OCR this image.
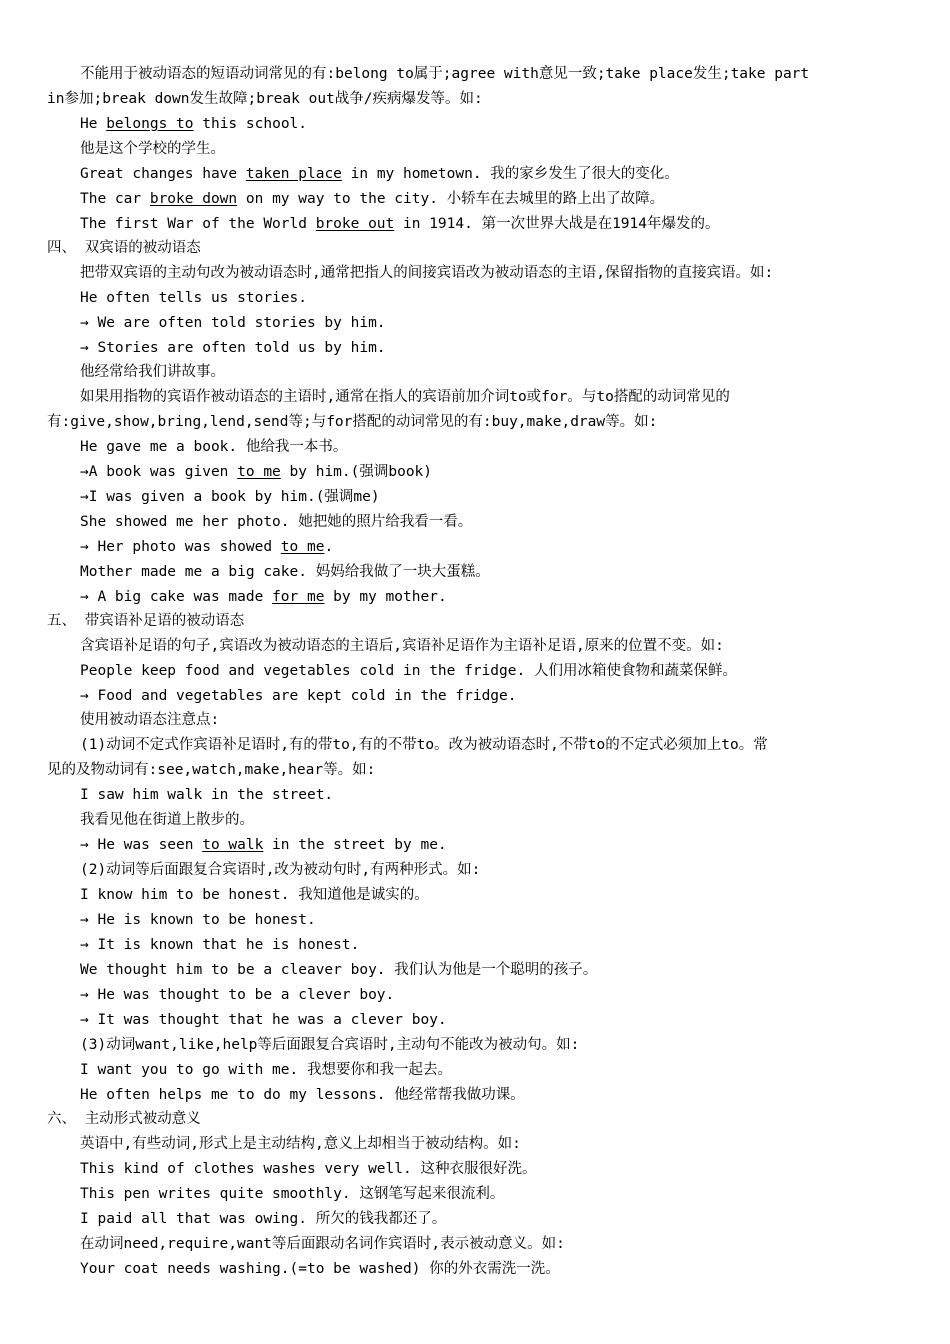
不能用于被动语态的短语动词常见的有:belong to属于;agree with意见一致;take place发生;take part
in参加;break down发生故障;break out战争/疾病爆发等。如:
He belongs to this school.
他是这个学校的学生。
Great changes have taken place in my hometown. 我的家乡发生了很大的变化。
The car broke down on my way to the city. 小轿车在去城里的路上出了故障。
The first War of the World broke out in 1914. 第一次世界大战是在1914年爆发的。
四、 双宾语的被动语态
把带双宾语的主动句改为被动语态时,通常把指人的间接宾语改为被动语态的主语,保留指物的直接宾语。如:
He often tells us stories.
→ We are often told stories by him.
→ Stories are often told us by him.
他经常给我们讲故事。
如果用指物的宾语作被动语态的主语时,通常在指人的宾语前加介词to或for。与to搭配的动词常见的
有:give,show,bring,lend,send等;与for搭配的动词常见的有:buy,make,draw等。如:
He gave me a book. 他给我一本书。
→A book was given to me by him.(强调book)
→I was given a book by him.(强调me)
She showed me her photo. 她把她的照片给我看一看。
→ Her photo was showed to me.
Mother made me a big cake. 妈妈给我做了一块大蛋糕。
→ A big cake was made for me by my mother.
五、 带宾语补足语的被动语态
含宾语补足语的句子,宾语改为被动语态的主语后,宾语补足语作为主语补足语,原来的位置不变。如:
People keep food and vegetables cold in the fridge. 人们用冰箱使食物和蔬菜保鲜。
→ Food and vegetables are kept cold in the fridge.
使用被动语态注意点:
(1)动词不定式作宾语补足语时,有的带to,有的不带to。改为被动语态时,不带to的不定式必须加上to。常
见的及物动词有:see,watch,make,hear等。如:
I saw him walk in the street.
我看见他在街道上散步的。
→ He was seen to walk in the street by me.
(2)动词等后面跟复合宾语时,改为被动句时,有两种形式。如:
I know him to be honest. 我知道他是诚实的。
→ He is known to be honest.
→ It is known that he is honest.
We thought him to be a cleaver boy. 我们认为他是一个聪明的孩子。
→ He was thought to be a clever boy.
→ It was thought that he was a clever boy.
(3)动词want,like,help等后面跟复合宾语时,主动句不能改为被动句。如:
I want you to go with me. 我想要你和我一起去。
He often helps me to do my lessons. 他经常帮我做功课。
六、 主动形式被动意义
英语中,有些动词,形式上是主动结构,意义上却相当于被动结构。如:
This kind of clothes washes very well. 这种衣服很好洗。
This pen writes quite smoothly. 这钢笔写起来很流利。
I paid all that was owing. 所欠的钱我都还了。
在动词need,require,want等后面跟动名词作宾语时,表示被动意义。如:
Your coat needs washing.(=to be washed) 你的外衣需洗一洗。
